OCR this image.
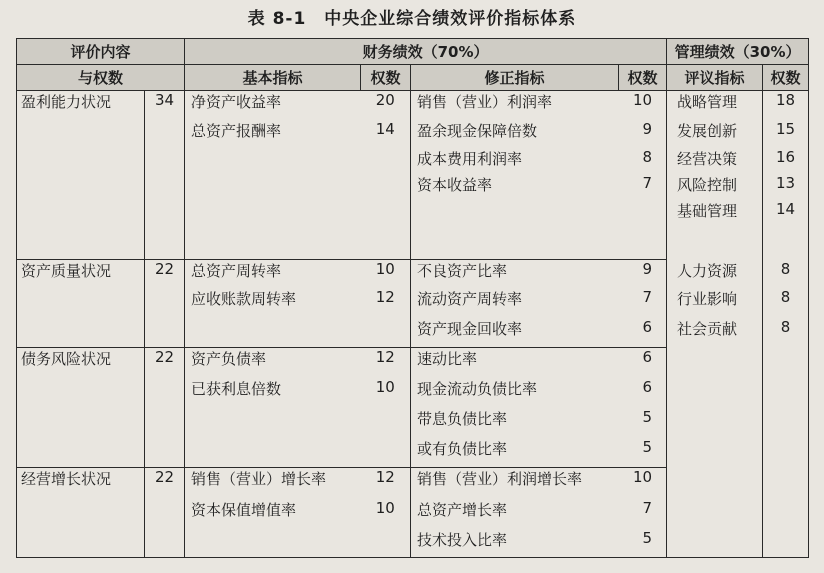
表 8-1　中央企业综合绩效评价指标体系
评价内容		财务绩效（70%）				管理绩效（30%）	
与权数		基本指标	权数	修正指标	权数	评议指标	权数
盈利能力状况	34	净资产收益率	20	销售（营业）利润率	10	战略管理	18
		总资产报酬率	14	盈余现金保障倍数	9	发展创新	15
				成本费用利润率	8	经营决策	16
				资本收益率	7	风险控制	13
						基础管理	14
资产质量状况	22	总资产周转率	10	不良资产比率	9	人力资源	8
		应收账款周转率	12	流动资产周转率	7	行业影响	8
				资产现金回收率	6	社会贡献	8
债务风险状况	22	资产负债率	12	速动比率	6		
		已获利息倍数	10	现金流动负债比率	6		
				带息负债比率	5		
				或有负债比率	5		
经营增长状况	22	销售（营业）增长率	12	销售（营业）利润增长率	10		
		资本保值增值率	10	总资产增长率	7		
				技术投入比率	5		
